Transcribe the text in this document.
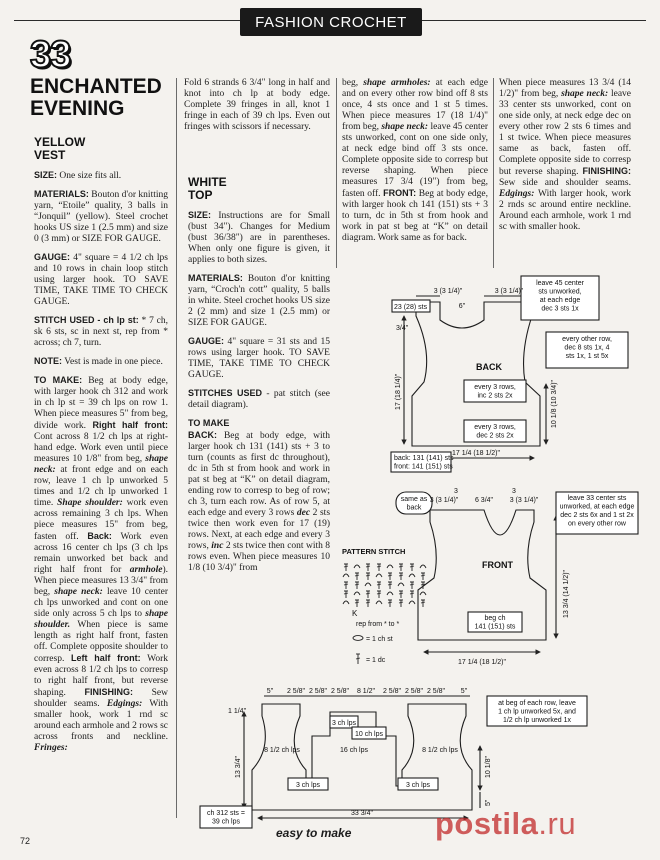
FASHION CROCHET
33
ENCHANTED
EVENING
YELLOW
VEST

SIZE: One size fits all.

MATERIALS: Bouton d'or knitting yarn, “Etoile” quality, 3 balls in “Jonquil” (yellow). Steel crochet hooks US size 1 (2.5 mm) and size 0 (3 mm) or SIZE FOR GAUGE.

GAUGE: 4" square = 4 1/2 ch lps and 10 rows in chain loop stitch using larger hook. TO SAVE TIME, TAKE TIME TO CHECK GAUGE.

STITCH USED - ch lp st: * 7 ch, sk 6 sts, sc in next st, rep from * across; ch 7, turn.

NOTE: Vest is made in one piece.

TO MAKE: Beg at body edge, with larger hook ch 312 and work in ch lp st = 39 ch lps on row 1. When piece measures 5" from beg, divide work. Right half front: Cont across 8 1/2 ch lps at right-hand edge. Work even until piece measures 10 1/8" from beg, shape neck: at front edge and on each row, leave 1 ch lp unworked 5 times and 1/2 ch lp unworked 1 time. Shape shoulder: work even across remaining 3 ch lps. When piece measures 15" from beg, fasten off. Back: Work even across 16 center ch lps (3 ch lps remain unworked bet back and right half front for armhole). When piece measures 13 3/4" from beg, shape neck: leave 10 center ch lps unworked and cont on one side only across 5 ch lps to shape shoulder. When piece is same length as right half front, fasten off. Complete opposite shoulder to corresp. Left half front: Work even across 8 1/2 ch lps to corresp to right half front, but reverse shaping. FINISHING: Sew shoulder seams. Edgings: With smaller hook, work 1 rnd sc around each armhole and 2 rows sc across fronts and neckline. Fringes:

Fold 6 strands 6 3/4" long in half and knot into ch lp at body edge. Complete 39 fringes in all, knot 1 fringe in each of 39 ch lps. Even out fringes with scissors if necessary.

WHITE
TOP

SIZE: Instructions are for Small (bust 34"). Changes for Medium (bust 36/38") are in parentheses. When only one figure is given, it applies to both sizes.

MATERIALS: Bouton d'or knitting yarn, “Croch'n cott” quality, 5 balls in white. Steel crochet hooks US size 2 (2 mm) and size 1 (2.5 mm) or SIZE FOR GAUGE.

GAUGE: 4" square = 31 sts and 15 rows using larger hook. TO SAVE TIME, TAKE TIME TO CHECK GAUGE.

STITCHES USED - pat stitch (see detail diagram).

TO MAKE
BACK: Beg at body edge, with larger hook ch 131 (141) sts + 3 to turn (counts as first dc throughout), dc in 5th st from hook and work in pat st beg at “K” on detail diagram, ending row to corresp to beg of row; ch 3, turn each row. As of row 5, at each edge and every 3 rows dec 2 sts twice then work even for 17 (19) rows. Next, at each edge and every 3 rows, inc 2 sts twice then cont with 8 rows even. When piece measures 10 1/8 (10 3/4)" from

beg, shape armholes: at each edge and on every other row bind off 8 sts once, 4 sts once and 1 st 5 times. When piece measures 17 (18 1/4)" from beg, shape neck: leave 45 center sts unworked, cont on one side only, at neck edge bind off 3 sts once. Complete opposite side to corresp but reverse shaping. When piece measures 17 3/4 (19") from beg, fasten off. FRONT: Beg at body edge, with larger hook ch 141 (151) sts + 3 to turn, dc in 5th st from hook and work in pat st beg at “K” on detail diagram. Work same as for back.

When piece measures 13 3/4 (14 1/2)" from beg, shape neck: leave 33 center sts unworked, cont on one side only, at neck edge dec on every other row 2 sts 6 times and 1 st twice. When piece measures same as back, fasten off. Complete opposite side to corresp but reverse shaping. FINISHING: Sew side and shoulder seams. Edgings: With larger hook, work 2 rnds sc around entire neckline. Around each armhole, work 1 rnd sc with smaller hook.

23 (28) sts
3 (3 1/4)"
6"
3 (3 1/4)"
3/4"
17 (18 1/4)"	10 1/8 (10 3/4)"
BACK
leave 45 center sts unworked, at each edge dec 3 sts 1x
every other row, dec 8 sts 1x, 4 sts 1x, 1 st 5x
every 3 rows, inc 2 sts 2x
every 3 rows, dec 2 sts 2x
back: 131 (141) sts front: 141 (151) sts
17 1/4 (18 1/2)"
same as back
3	3
3 (3 1/4)" 6 3/4" 3 (3 1/4)"	leave 33 center sts unworked, at each edge dec 2 sts 6x and 1 st 2x on every other row
FRONT
13 3/4 (14 1/2)"
beg ch 141 (151) sts
17 1/4 (18 1/2)"
PATTERN STITCH
K
rep from * to *
= 1 ch st
= 1 dc
5" 2 5/8" 2 5/8" 2 5/8" 8 1/2" 2 5/8" 2 5/8" 2 5/8" 5"
1 1/4"
3 ch lps
10 ch lps
8 1/2 ch lps	16 ch lps	8 1/2 ch lps
3 ch lps	3 ch lps
13 3/4"	10 1/8"
5"
at beg of each row, leave 1 ch lp unworked 5x, and 1/2 ch lp unworked 1x
ch 312 sts = 39 ch lps
33 3/4"
72
easy to make	postila.ru
